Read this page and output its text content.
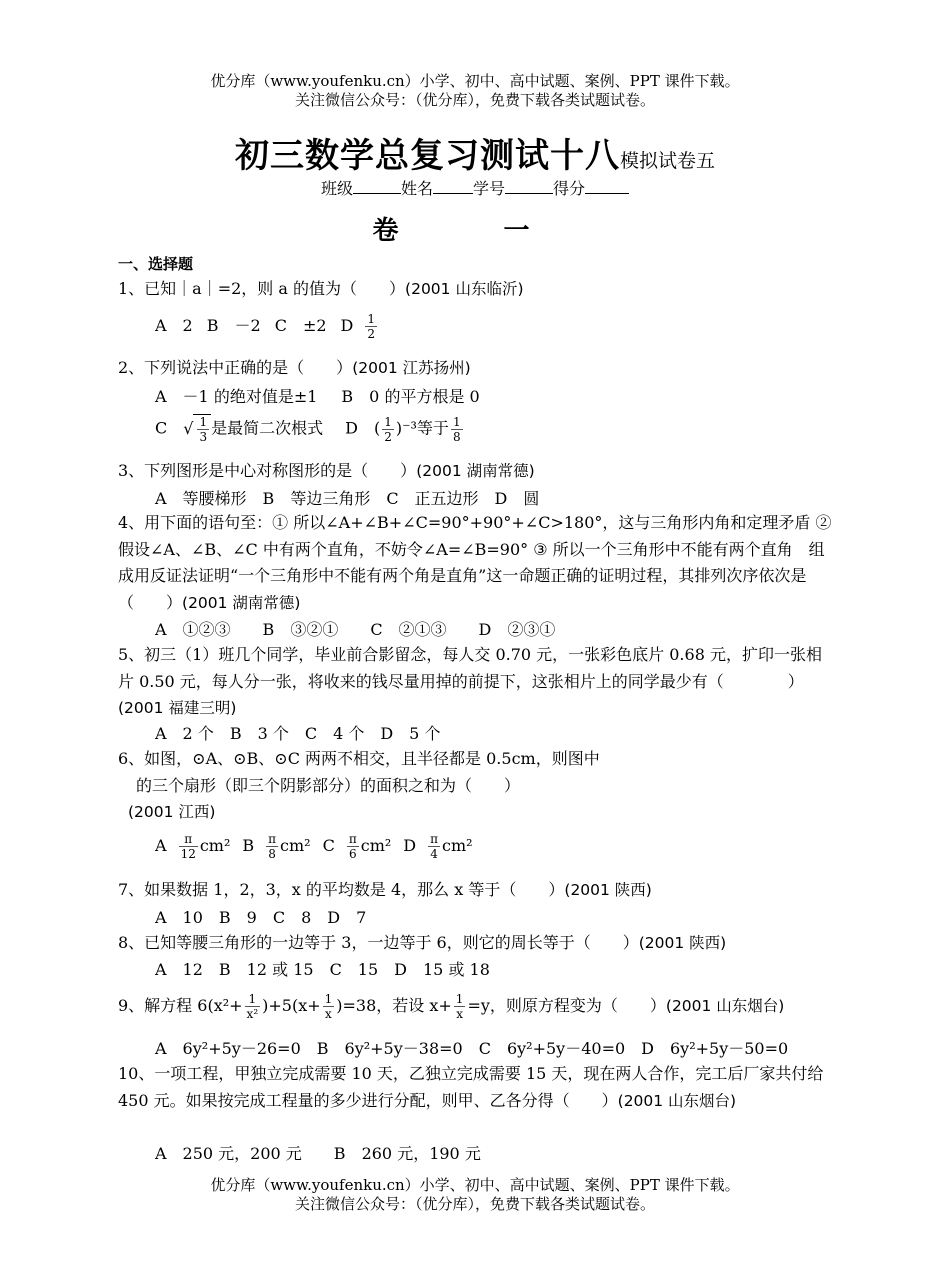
优分库（www.youfenku.cn）小学、初中、高中试题、案例、PPT 课件下载。
关注微信公众号：（优分库），免费下载各类试题试卷。
初三数学总复习测试十八模拟试卷五
班级	姓名	学号	得分
卷 一
一、选择题
1、已知｜a｜=2，则 a 的值为（　　）(2001 山东临沂)
A　2 B　－2 C　±2 D $\frac{1}{2}$
2、下列说法中正确的是（　　）(2001 江苏扬州)
A　－1 的绝对值是±1 B　0 的平方根是 0
C √ $\frac{1}{3}$ 是最简二次根式 D　( $\frac{1}{2} )^{-3}$等于 $\frac{1}{8}$
3、下列图形是中心对称图形的是（　　）(2001 湖南常德)
A　等腰梯形　B　等边三角形　C　正五边形　D　圆
4、用下面的语句至：① 所以∠A+∠B+∠C=90°+90°+∠C>180°，这与三角形内角和定理矛盾 ② 假设∠A、∠B、∠C 中有两个直角，不妨令∠A=∠B=90° ③ 所以一个三角形中不能有两个直角　组成用反证法证明“一个三角形中不能有两个角是直角”这一命题正确的证明过程，其排列次序依次是（　　）(2001 湖南常德)
A　①②③　　B　③②①　　C　②①③　　D　②③①
5、初三（1）班几个同学，毕业前合影留念，每人交 0.70 元，一张彩色底片 0.68 元，扩印一张相片 0.50 元，每人分一张，将收来的钱尽量用掉的前提下，这张相片上的同学最少有（　　　　）(2001 福建三明)
A　2 个　B　3 个　C　4 个　D　5 个
6、如图，⊙A、⊙B、⊙C 两两不相交，且半径都是 0.5cm，则图中
的三个扇形（即三个阴影部分）的面积之和为（　　）
(2001 江西)
A $\frac{\pi}{12} cm^2$ B $\frac{\pi}{8} cm^2$ C $\frac{\pi}{6} cm^2$ D $\frac{\pi}{4} cm^2$
7、如果数据 1，2，3，x 的平均数是 4，那么 x 等于（　　）(2001 陕西)
A　10　B　9　C　8　D　7
8、已知等腰三角形的一边等于 3，一边等于 6，则它的周长等于（　　）(2001 陕西)
A　12　B　12 或 15　C　15　D　15 或 18
9、解方程 $6(x^2+ \frac{1}{\text{x²}} )+5(x+ \frac{1}{x} )=38$，若设 $x+ \frac{1}{x} =y$，则原方程变为（　　）(2001 山东烟台)
A　6y²+5y－26=0　B　6y²+5y－38=0　C　6y²+5y－40=0　D　6y²+5y－50=0
10、一项工程，甲独立完成需要 10 天，乙独立完成需要 15 天，现在两人合作，完工后厂家共付给 450 元。如果按完成工程量的多少进行分配，则甲、乙各分得（　　）(2001 山东烟台)
A　250 元，200 元　　B　260 元，190 元
优分库（www.youfenku.cn）小学、初中、高中试题、案例、PPT 课件下载。
关注微信公众号：（优分库），免费下载各类试题试卷。
